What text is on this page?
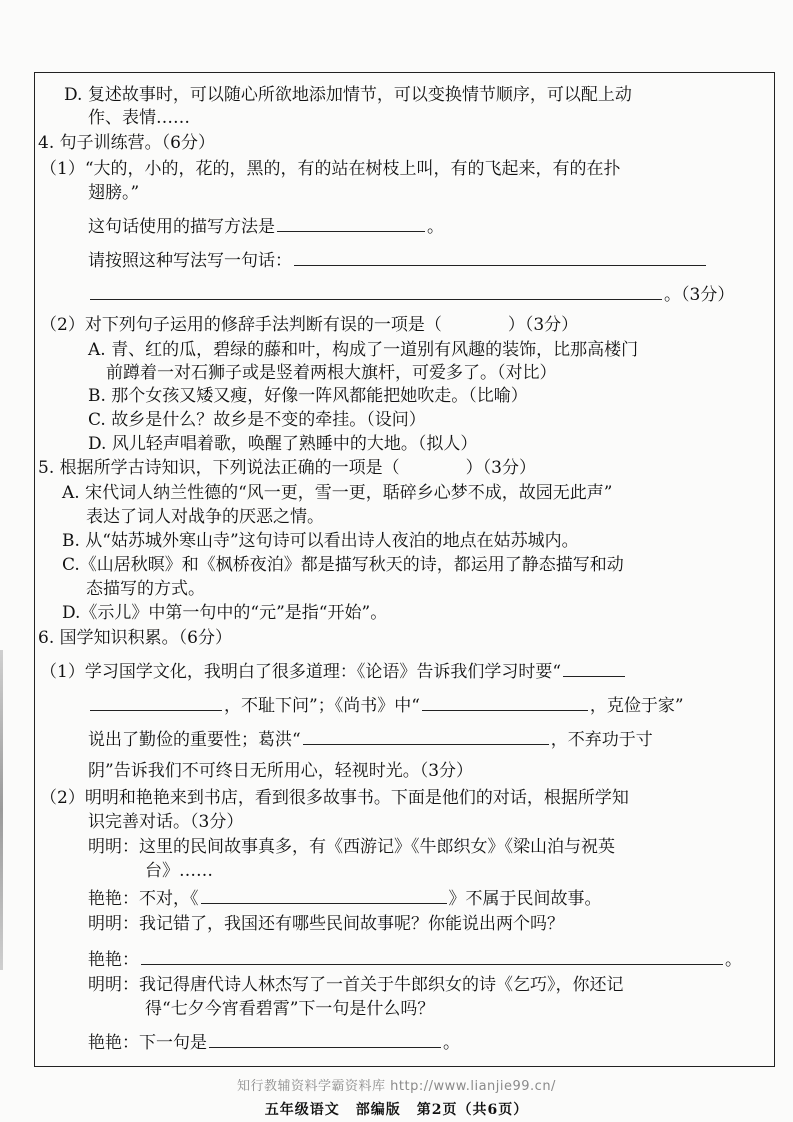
D. 复述故事时，可以随心所欲地添加情节，可以变换情节顺序，可以配上动
作、表情……
4. 句子训练营。（6分）
（1）“大的，小的，花的，黑的，有的站在树枝上叫，有的飞起来，有的在扑
翅膀。”
这句话使用的描写方法是	。
请按照这种写法写一句话：
。（3分）
（2）对下列句子运用的修辞手法判断有误的一项是（	）（3分）
A. 青、红的瓜，碧绿的藤和叶，构成了一道别有风趣的装饰，比那高楼门
前蹲着一对石狮子或是竖着两根大旗杆，可爱多了。（对比）
B. 那个女孩又矮又瘦，好像一阵风都能把她吹走。（比喻）
C. 故乡是什么？故乡是不变的牵挂。（设问）
D. 风儿轻声唱着歌，唤醒了熟睡中的大地。（拟人）
5. 根据所学古诗知识，下列说法正确的一项是（	）（3分）
A. 宋代词人纳兰性德的“风一更，雪一更，聒碎乡心梦不成，故园无此声”
表达了词人对战争的厌恶之情。
B. 从“姑苏城外寒山寺”这句诗可以看出诗人夜泊的地点在姑苏城内。
C.《山居秋暝》和《枫桥夜泊》都是描写秋天的诗，都运用了静态描写和动
态描写的方式。
D.《示儿》中第一句中的“元”是指“开始”。
6. 国学知识积累。（6分）
（1）学习国学文化，我明白了很多道理：《论语》告诉我们学习时要“
，不耻下问”；《尚书》中“	，克俭于家”
说出了勤俭的重要性；葛洪“	，不弃功于寸
阴”告诉我们不可终日无所用心，轻视时光。（3分）
（2）明明和艳艳来到书店，看到很多故事书。下面是他们的对话，根据所学知
识完善对话。（3分）
明明：这里的民间故事真多，有《西游记》《牛郎织女》《梁山泊与祝英
台》……
艳艳：不对，《	》不属于民间故事。
明明：我记错了，我国还有哪些民间故事呢？你能说出两个吗？
艳艳：	。
明明：我记得唐代诗人林杰写了一首关于牛郎织女的诗《乞巧》，你还记
得“七夕今宵看碧霄”下一句是什么吗？
艳艳：下一句是	。
知行教辅资料学霸资料库 http://www.lianjie99.cn/
五年级语文 部编版 第2页（共6页）
